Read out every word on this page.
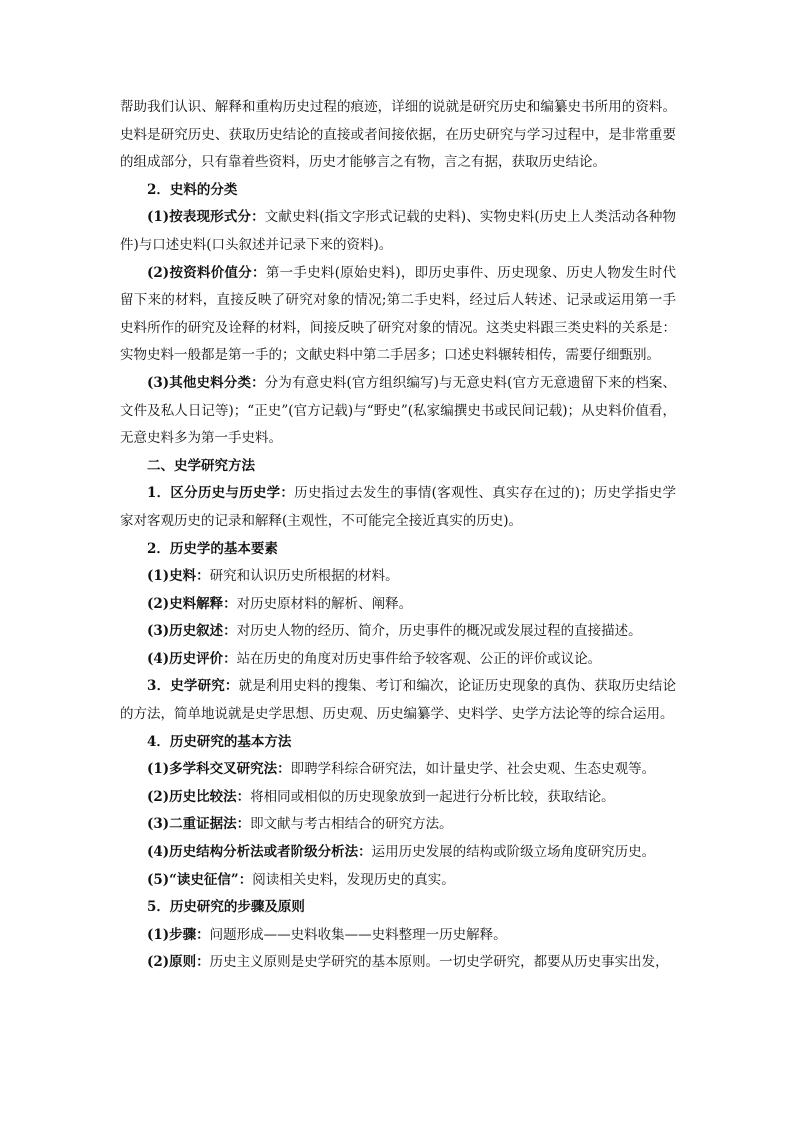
帮助我们认识、解释和重构历史过程的痕迹，详细的说就是研究历史和编纂史书所用的资料。史料是研究历史、获取历史结论的直接或者间接依据，在历史研究与学习过程中，是非常重要的组成部分，只有靠着些资料，历史才能够言之有物，言之有据，获取历史结论。

2．史料的分类

(1)按表现形式分：文献史料(指文字形式记载的史料)、实物史料(历史上人类活动各种物件)与口述史料(口头叙述并记录下来的资料)。

(2)按资料价值分：第一手史料(原始史料)，即历史事件、历史现象、历史人物发生时代留下来的材料，直接反映了研究对象的情况;第二手史料，经过后人转述、记录或运用第一手史料所作的研究及诠释的材料，间接反映了研究对象的情况。这类史料跟三类史料的关系是：实物史料一般都是第一手的；文献史料中第二手居多；口述史料辗转相传，需要仔细甄别。

(3)其他史料分类：分为有意史料(官方组织编写)与无意史料(官方无意遗留下来的档案、文件及私人日记等)；“正史”(官方记载)与“野史”(私家编撰史书或民间记载)；从史料价值看，无意史料多为第一手史料。

二、史学研究方法

1．区分历史与历史学：历史指过去发生的事情(客观性、真实存在过的)；历史学指史学家对客观历史的记录和解释(主观性，不可能完全接近真实的历史)。

2．历史学的基本要素

(1)史料：研究和认识历史所根据的材料。

(2)史料解释：对历史原材料的解析、阐释。

(3)历史叙述：对历史人物的经历、简介，历史事件的概况或发展过程的直接描述。

(4)历史评价：站在历史的角度对历史事件给予较客观、公正的评价或议论。

3．史学研究：就是利用史料的搜集、考订和编次，论证历史现象的真伪、获取历史结论的方法，简单地说就是史学思想、历史观、历史编纂学、史料学、史学方法论等的综合运用。

4．历史研究的基本方法

(1)多学科交叉研究法：即聘学科综合研究法，如计量史学、社会史观、生态史观等。

(2)历史比较法：将相同或相似的历史现象放到一起进行分析比较，获取结论。

(3)二重证据法：即文献与考古相结合的研究方法。

(4)历史结构分析法或者阶级分析法：运用历史发展的结构或阶级立场角度研究历史。

(5)“读史征信”：阅读相关史料，发现历史的真实。

5．历史研究的步骤及原则

(1)步骤：问题形成——史料收集——史料整理一历史解释。

(2)原则：历史主义原则是史学研究的基本原则。一切史学研究，都要从历史事实出发，
